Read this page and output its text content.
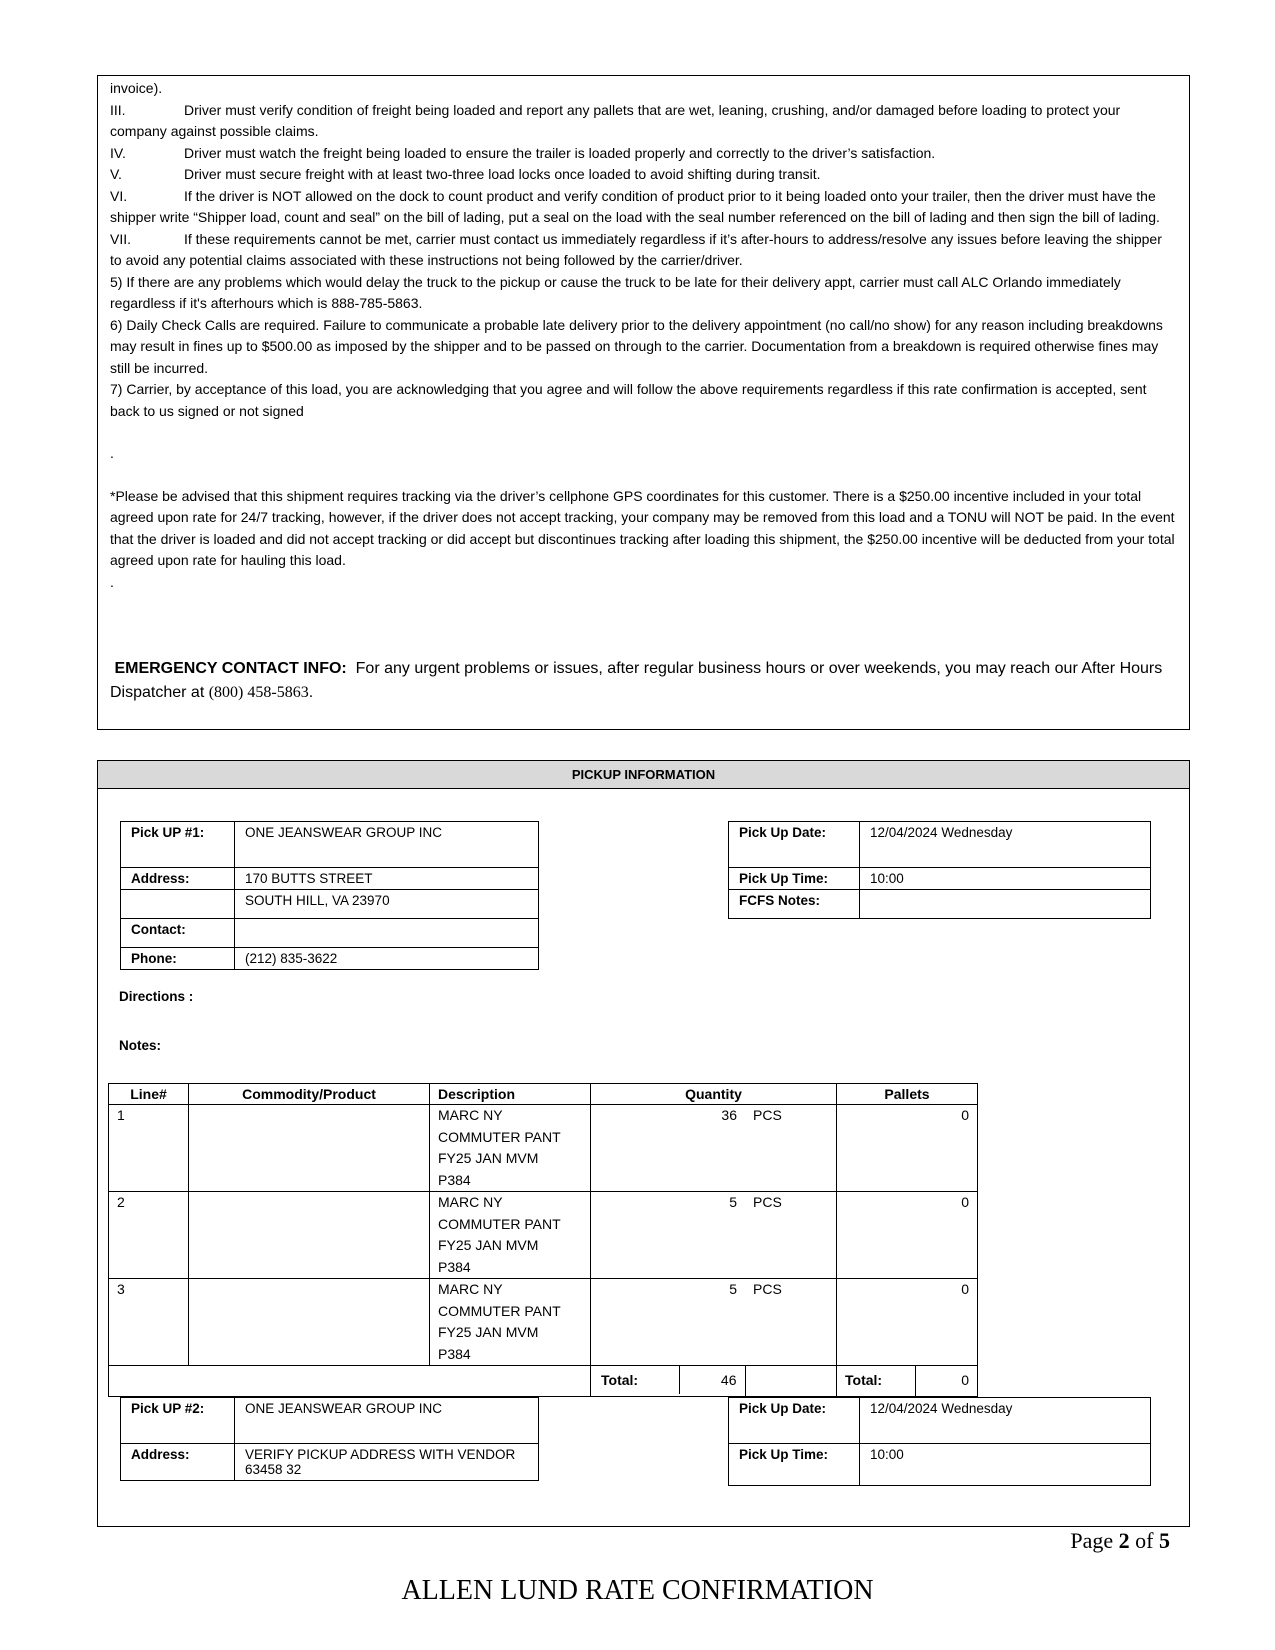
invoice).

III.	Driver must verify condition of freight being loaded and report any pallets that are wet, leaning, crushing, and/or damaged before loading to protect your company against possible claims.

IV.	Driver must watch the freight being loaded to ensure the trailer is loaded properly and correctly to the driver’s satisfaction.

V.	Driver must secure freight with at least two-three load locks once loaded to avoid shifting during transit.

VI.	If the driver is NOT allowed on the dock to count product and verify condition of product prior to it being loaded onto your trailer, then the driver must have the shipper write “Shipper load, count and seal” on the bill of lading, put a seal on the load with the seal number referenced on the bill of lading and then sign the bill of lading.

VII.	If these requirements cannot be met, carrier must contact us immediately regardless if it’s after-hours to address/resolve any issues before leaving the shipper to avoid any potential claims associated with these instructions not being followed by the carrier/driver.

5) If there are any problems which would delay the truck to the pickup or cause the truck to be late for their delivery appt, carrier must call ALC Orlando immediately regardless if it's afterhours which is 888-785-5863.

6) Daily Check Calls are required. Failure to communicate a probable late delivery prior to the delivery appointment (no call/no show) for any reason including breakdowns may result in fines up to $500.00 as imposed by the shipper and to be passed on through to the carrier. Documentation from a breakdown is required otherwise fines may still be incurred.

7) Carrier, by acceptance of this load, you are acknowledging that you agree and will follow the above requirements regardless if this rate confirmation is accepted, sent back to us signed or not signed

.

*Please be advised that this shipment requires tracking via the driver’s cellphone GPS coordinates for this customer. There is a $250.00 incentive included in your total agreed upon rate for 24/7 tracking, however, if the driver does not accept tracking, your company may be removed from this load and a TONU will NOT be paid. In the event that the driver is loaded and did not accept tracking or did accept but discontinues tracking after loading this shipment, the $250.00 incentive will be deducted from your total agreed upon rate for hauling this load.

.

EMERGENCY CONTACT INFO: For any urgent problems or issues, after regular business hours or over weekends, you may reach our After Hours Dispatcher at (800) 458-5863.

PICKUP INFORMATION
Pick UP #1:	ONE JEANSWEAR GROUP INC
Address:	170 BUTTS STREET
	SOUTH HILL, VA 23970
Contact:	
Phone:	(212) 835-3622
Pick Up Date:	12/04/2024 Wednesday
Pick Up Time:	10:00
FCFS Notes:	
Directions :
Notes:
Line#	Commodity/Product	Description	Quantity		Pallets	
1		MARC NY
COMMUTER PANT
FY25 JAN MVM
P384	36	PCS	0	
2		MARC NY
COMMUTER PANT
FY25 JAN MVM
P384	5	PCS	0	
3		MARC NY
COMMUTER PANT
FY25 JAN MVM
P384	5	PCS	0	

			Total: 46		Total:	0
Pick UP #2:	ONE JEANSWEAR GROUP INC
Address:	VERIFY PICKUP ADDRESS WITH VENDOR
63458 32
Pick Up Date:	12/04/2024 Wednesday
Pick Up Time:	10:00
Page 2 of 5
ALLEN LUND RATE CONFIRMATION
